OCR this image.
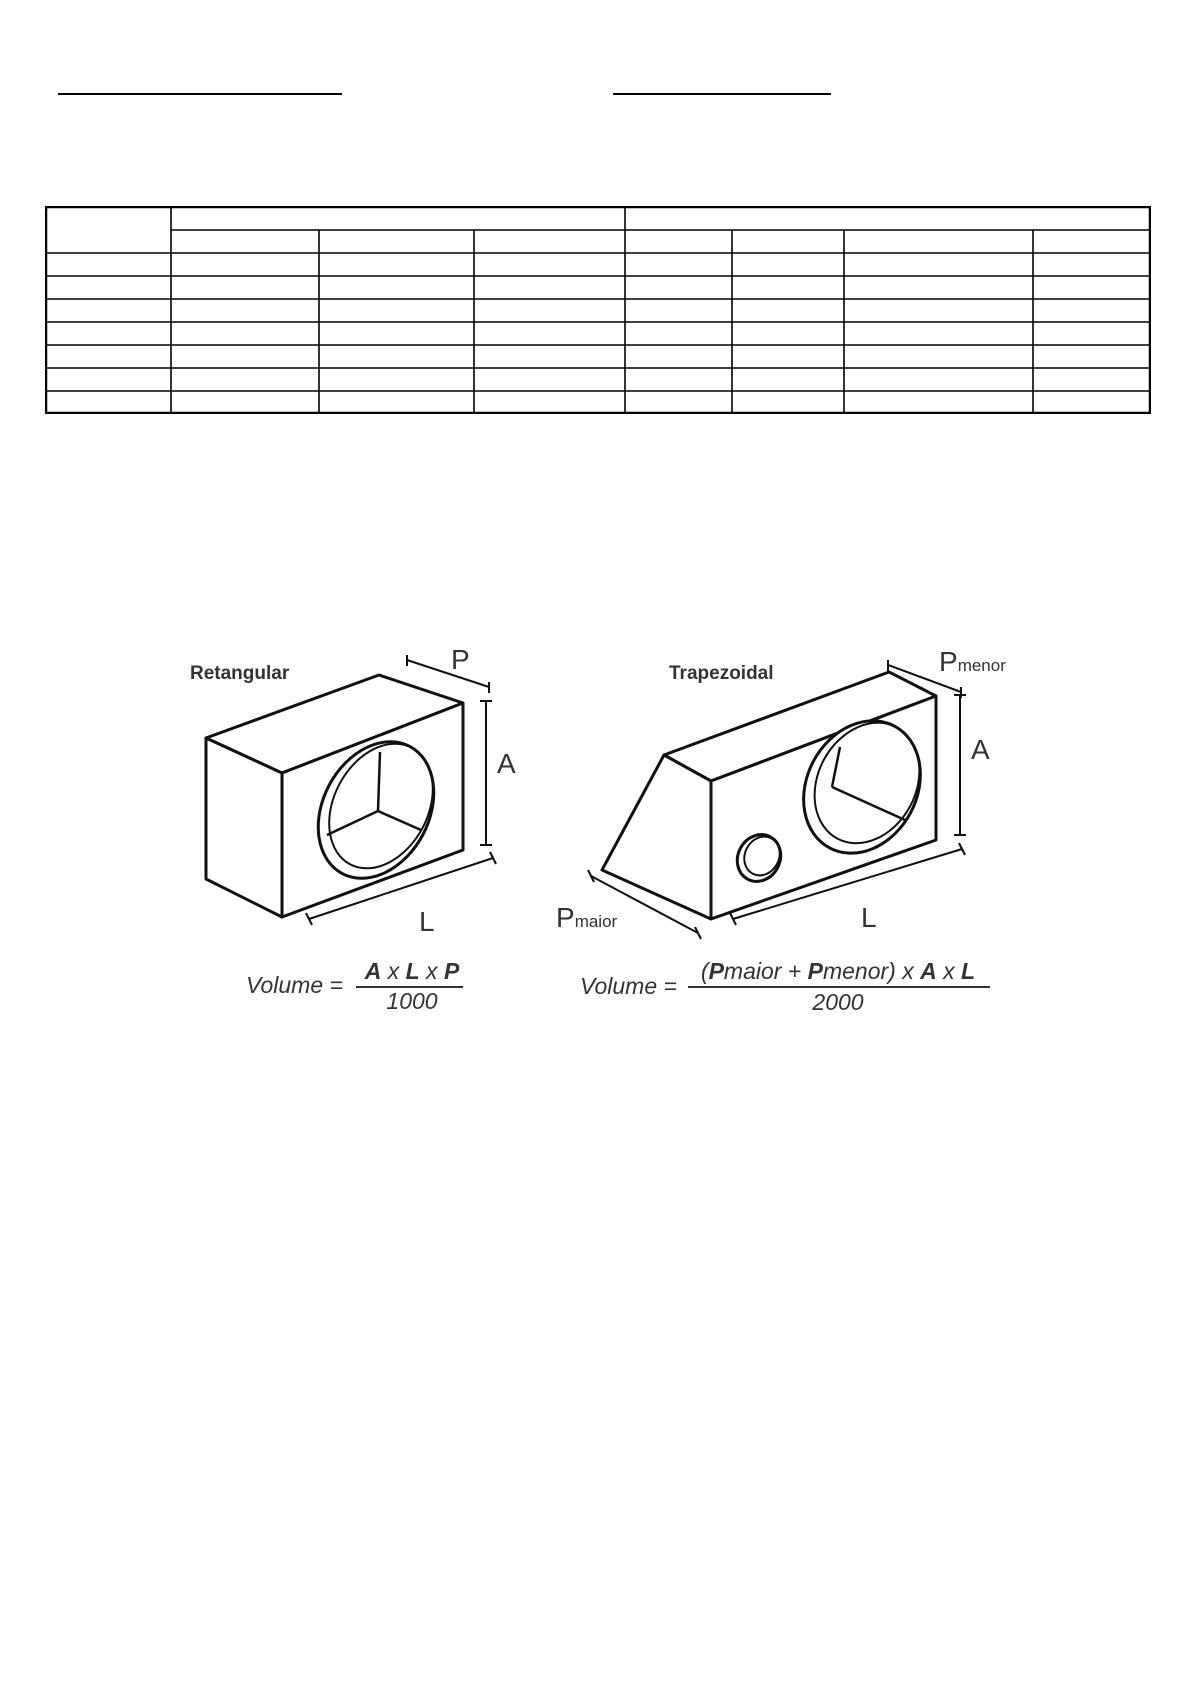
Retangular	P
A
L
Volume =
A x L x P
1000
Trapezoidal	Pmenor
A
L
Pmaior
Volume =
(Pmaior + Pmenor) x A x L
2000
